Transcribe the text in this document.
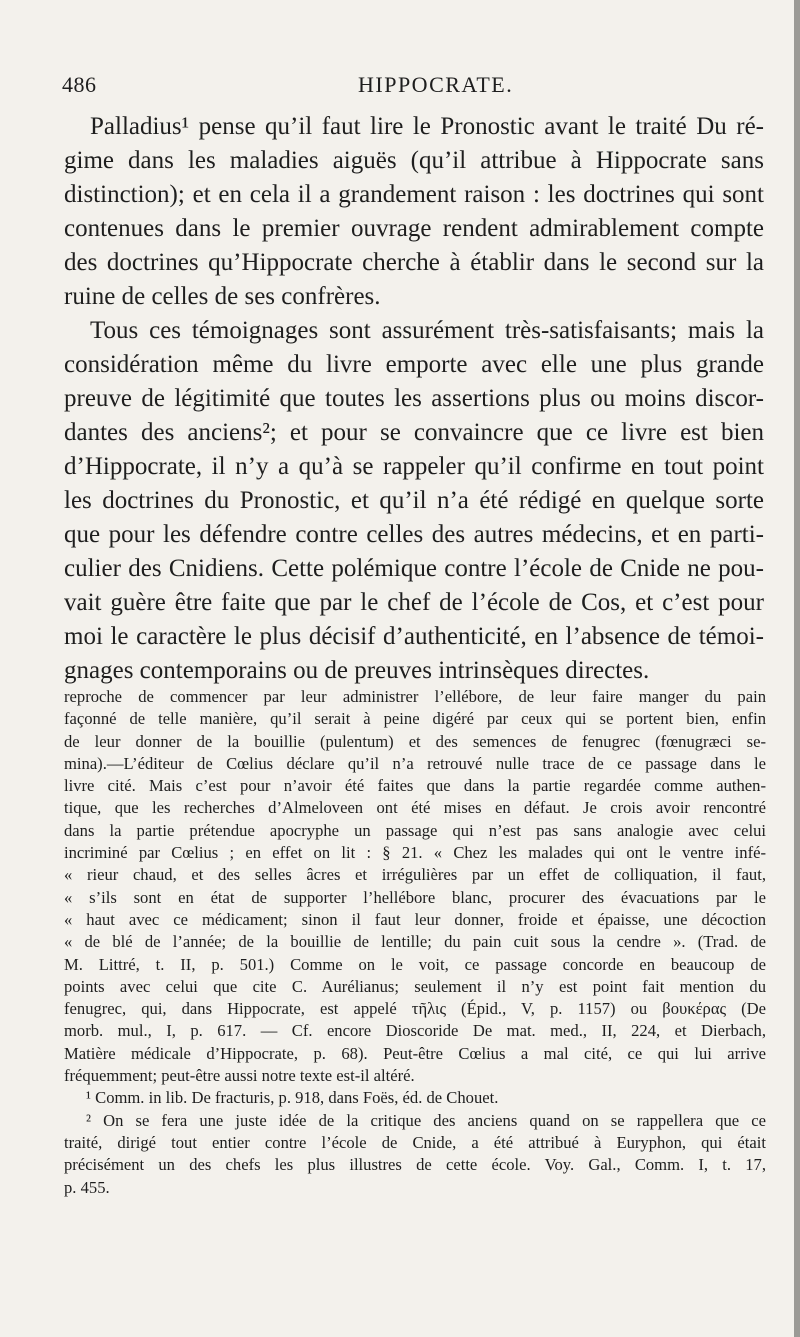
486	HIPPOCRATE.
Palladius¹ pense qu’il faut lire le Pronostic avant le traité Du ré-
gime dans les maladies aiguës (qu’il attribue à Hippocrate sans
distinction); et en cela il a grandement raison : les doctrines qui sont
contenues dans le premier ouvrage rendent admirablement compte
des doctrines qu’Hippocrate cherche à établir dans le second sur la
ruine de celles de ses confrères.
Tous ces témoignages sont assurément très-satisfaisants; mais la
considération même du livre emporte avec elle une plus grande
preuve de légitimité que toutes les assertions plus ou moins discor-
dantes des anciens²; et pour se convaincre que ce livre est bien
d’Hippocrate, il n’y a qu’à se rappeler qu’il confirme en tout point
les doctrines du Pronostic, et qu’il n’a été rédigé en quelque sorte
que pour les défendre contre celles des autres médecins, et en parti-
culier des Cnidiens. Cette polémique contre l’école de Cnide ne pou-
vait guère être faite que par le chef de l’école de Cos, et c’est pour
moi le caractère le plus décisif d’authenticité, en l’absence de témoi-
gnages contemporains ou de preuves intrinsèques directes.
reproche de commencer par leur administrer l’ellébore, de leur faire manger du pain
façonné de telle manière, qu’il serait à peine digéré par ceux qui se portent bien, enfin
de leur donner de la bouillie (pulentum) et des semences de fenugrec (fœnugræci se-
mina).—L’éditeur de Cœlius déclare qu’il n’a retrouvé nulle trace de ce passage dans le
livre cité. Mais c’est pour n’avoir été faites que dans la partie regardée comme authen-
tique, que les recherches d’Almeloveen ont été mises en défaut. Je crois avoir rencontré
dans la partie prétendue apocryphe un passage qui n’est pas sans analogie avec celui
incriminé par Cœlius ; en effet on lit : § 21. « Chez les malades qui ont le ventre infé-
« rieur chaud, et des selles âcres et irrégulières par un effet de colliquation, il faut,
« s’ils sont en état de supporter l’hellébore blanc, procurer des évacuations par le
« haut avec ce médicament; sinon il faut leur donner, froide et épaisse, une décoction
« de blé de l’année; de la bouillie de lentille; du pain cuit sous la cendre ». (Trad. de
M. Littré, t. II, p. 501.) Comme on le voit, ce passage concorde en beaucoup de
points avec celui que cite C. Aurélianus; seulement il n’y est point fait mention du
fenugrec, qui, dans Hippocrate, est appelé τῆλις (Épid., V, p. 1157) ou βουκέρας (De
morb. mul., I, p. 617. — Cf. encore Dioscoride De mat. med., II, 224, et Dierbach,
Matière médicale d’Hippocrate, p. 68). Peut-être Cœlius a mal cité, ce qui lui arrive
fréquemment; peut-être aussi notre texte est-il altéré.
¹ Comm. in lib. De fracturis, p. 918, dans Foës, éd. de Chouet.
² On se fera une juste idée de la critique des anciens quand on se rappellera que ce
traité, dirigé tout entier contre l’école de Cnide, a été attribué à Euryphon, qui était
précisément un des chefs les plus illustres de cette école. Voy. Gal., Comm. I, t. 17,
p. 455.
